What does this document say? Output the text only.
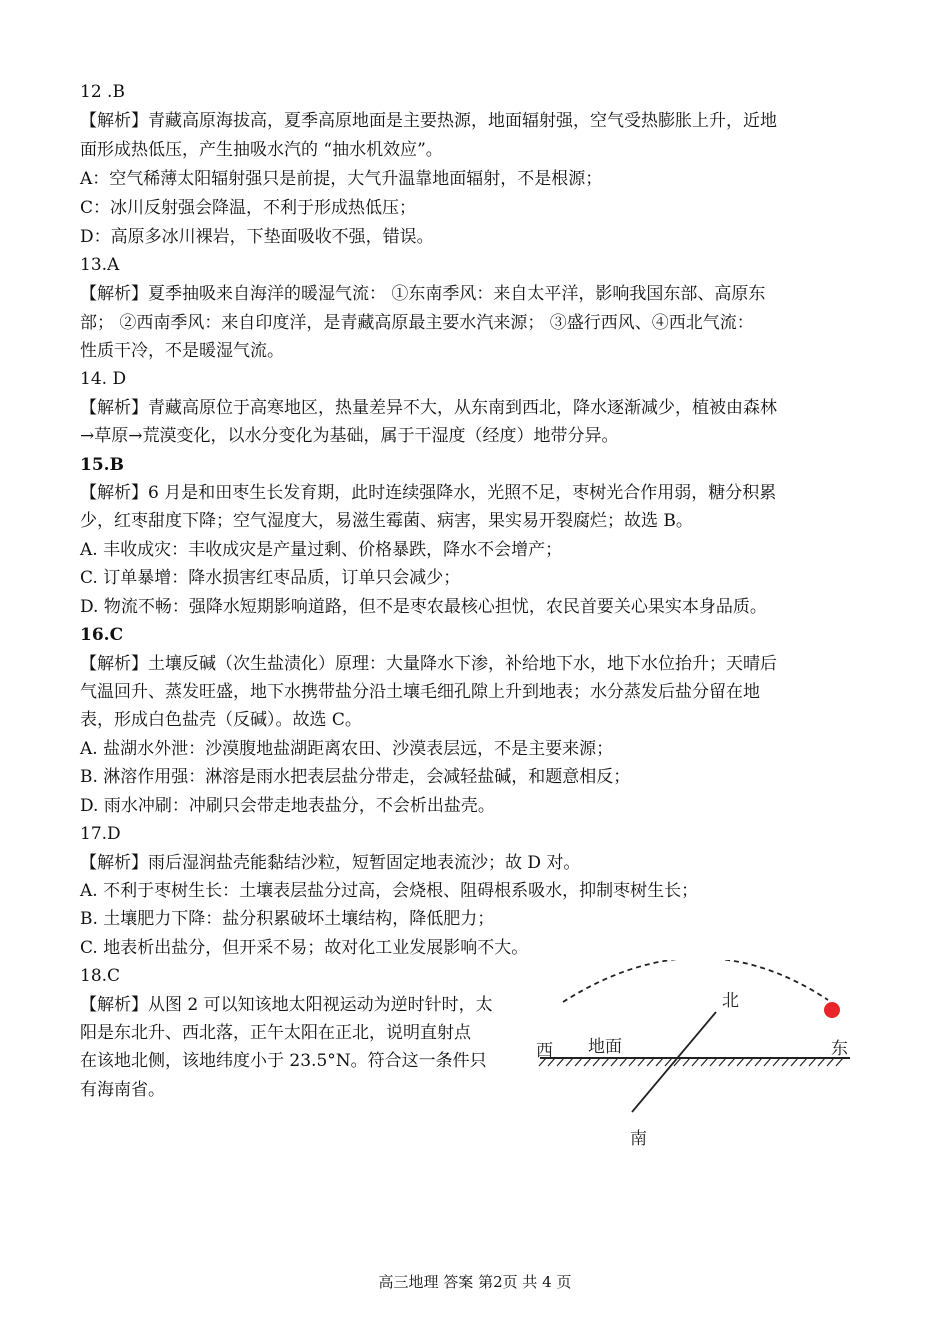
12 .B
【解析】青藏高原海拔高，夏季高原地面是主要热源，地面辐射强，空气受热膨胀上升，近地
面形成热低压，产生抽吸水汽的 “抽水机效应”。
A：空气稀薄太阳辐射强只是前提，大气升温靠地面辐射，不是根源；
C：冰川反射强会降温，不利于形成热低压；
D：高原多冰川裸岩，下垫面吸收不强，错误。
13.A
【解析】夏季抽吸来自海洋的暖湿气流： ①东南季风：来自太平洋，影响我国东部、高原东
部； ②西南季风：来自印度洋，是青藏高原最主要水汽来源； ③盛行西风、④西北气流：
性质干冷，不是暖湿气流。
14. D
【解析】青藏高原位于高寒地区，热量差异不大，从东南到西北，降水逐渐减少，植被由森林
→草原→荒漠变化，以水分变化为基础，属于干湿度（经度）地带分异。
15.B
【解析】6 月是和田枣生长发育期，此时连续强降水，光照不足，枣树光合作用弱，糖分积累
少，红枣甜度下降；空气湿度大，易滋生霉菌、病害，果实易开裂腐烂；故选 B。
A. 丰收成灾：丰收成灾是产量过剩、价格暴跌，降水不会增产；
C. 订单暴增：降水损害红枣品质，订单只会减少；
D. 物流不畅：强降水短期影响道路，但不是枣农最核心担忧，农民首要关心果实本身品质。
16.C
【解析】土壤反碱（次生盐渍化）原理：大量降水下渗，补给地下水，地下水位抬升；天晴后
气温回升、蒸发旺盛，地下水携带盐分沿土壤毛细孔隙上升到地表；水分蒸发后盐分留在地
表，形成白色盐壳（反碱）。故选 C。
A. 盐湖水外泄：沙漠腹地盐湖距离农田、沙漠表层远，不是主要来源；
B. 淋溶作用强：淋溶是雨水把表层盐分带走，会减轻盐碱，和题意相反；
D. 雨水冲刷：冲刷只会带走地表盐分，不会析出盐壳。
17.D
【解析】雨后湿润盐壳能黏结沙粒，短暂固定地表流沙；故 D 对。
A. 不利于枣树生长：土壤表层盐分过高，会烧根、阻碍根系吸水，抑制枣树生长；
B. 土壤肥力下降：盐分积累破坏土壤结构，降低肥力；
C. 地表析出盐分，但开采不易；故对化工业发展影响不大。
18.C
【解析】从图 2 可以知该地太阳视运动为逆时针时，太
阳是东北升、西北落，正午太阳在正北，说明直射点
在该地北侧，该地纬度小于 23.5°N。符合这一条件只
有海南省。
北
南
西	东
地面
高三地理 答案 第2页 共 4 页
